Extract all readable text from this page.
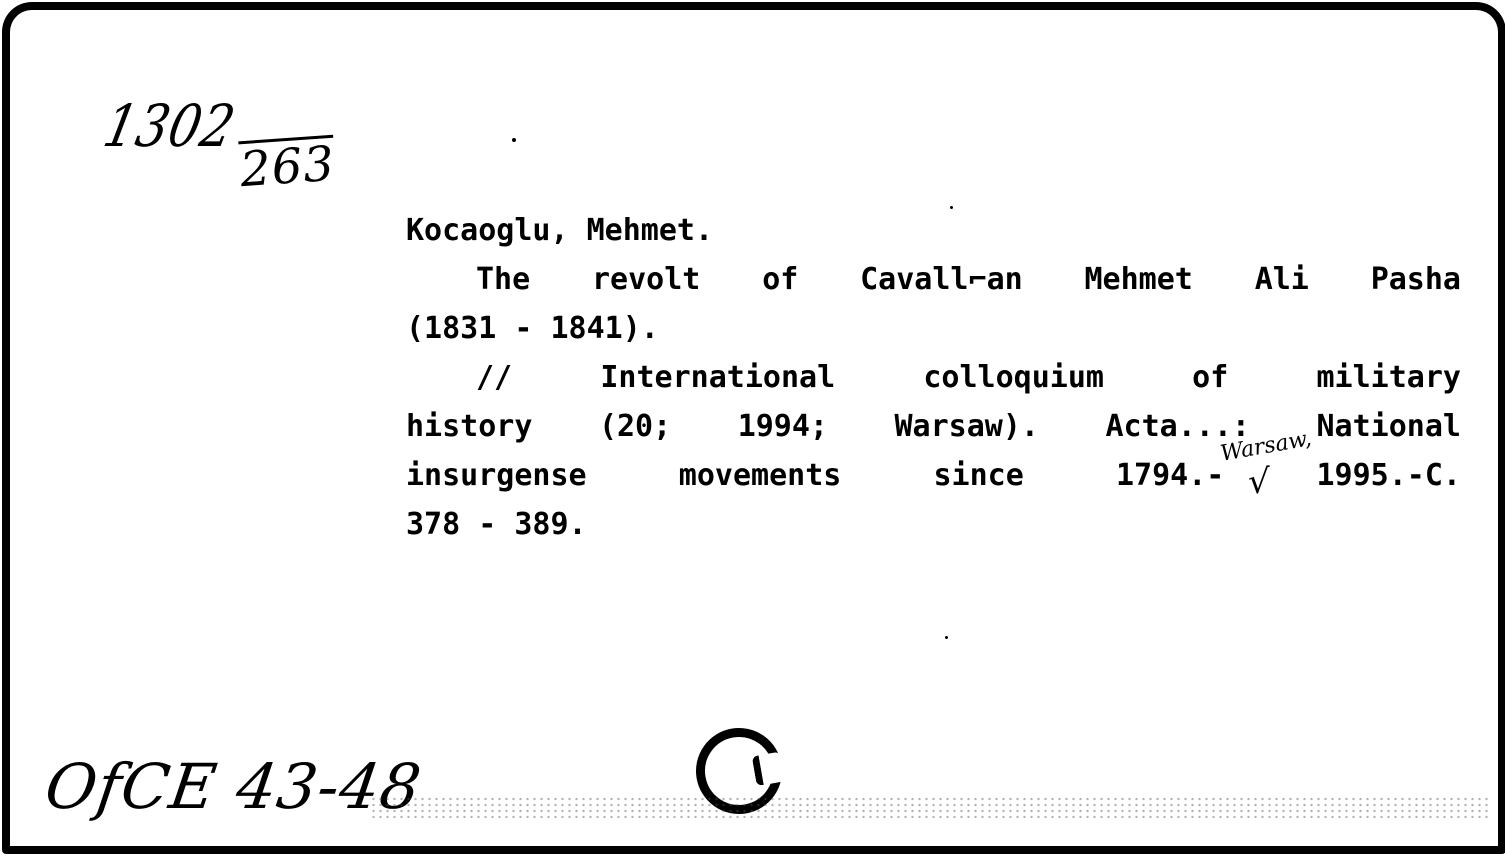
1302
263
Kocaoglu, Mehmet.
The revolt of Cavall⌐an Mehmet Ali Pasha
(1831 - 1841).
//	International	colloquium	of	military
history (20; 1994; Warsaw). Acta...: National
insurgense	movements	since	1794.-	1995.-C.
378 - 389.
Warsaw,
√
OfCE 43-48
